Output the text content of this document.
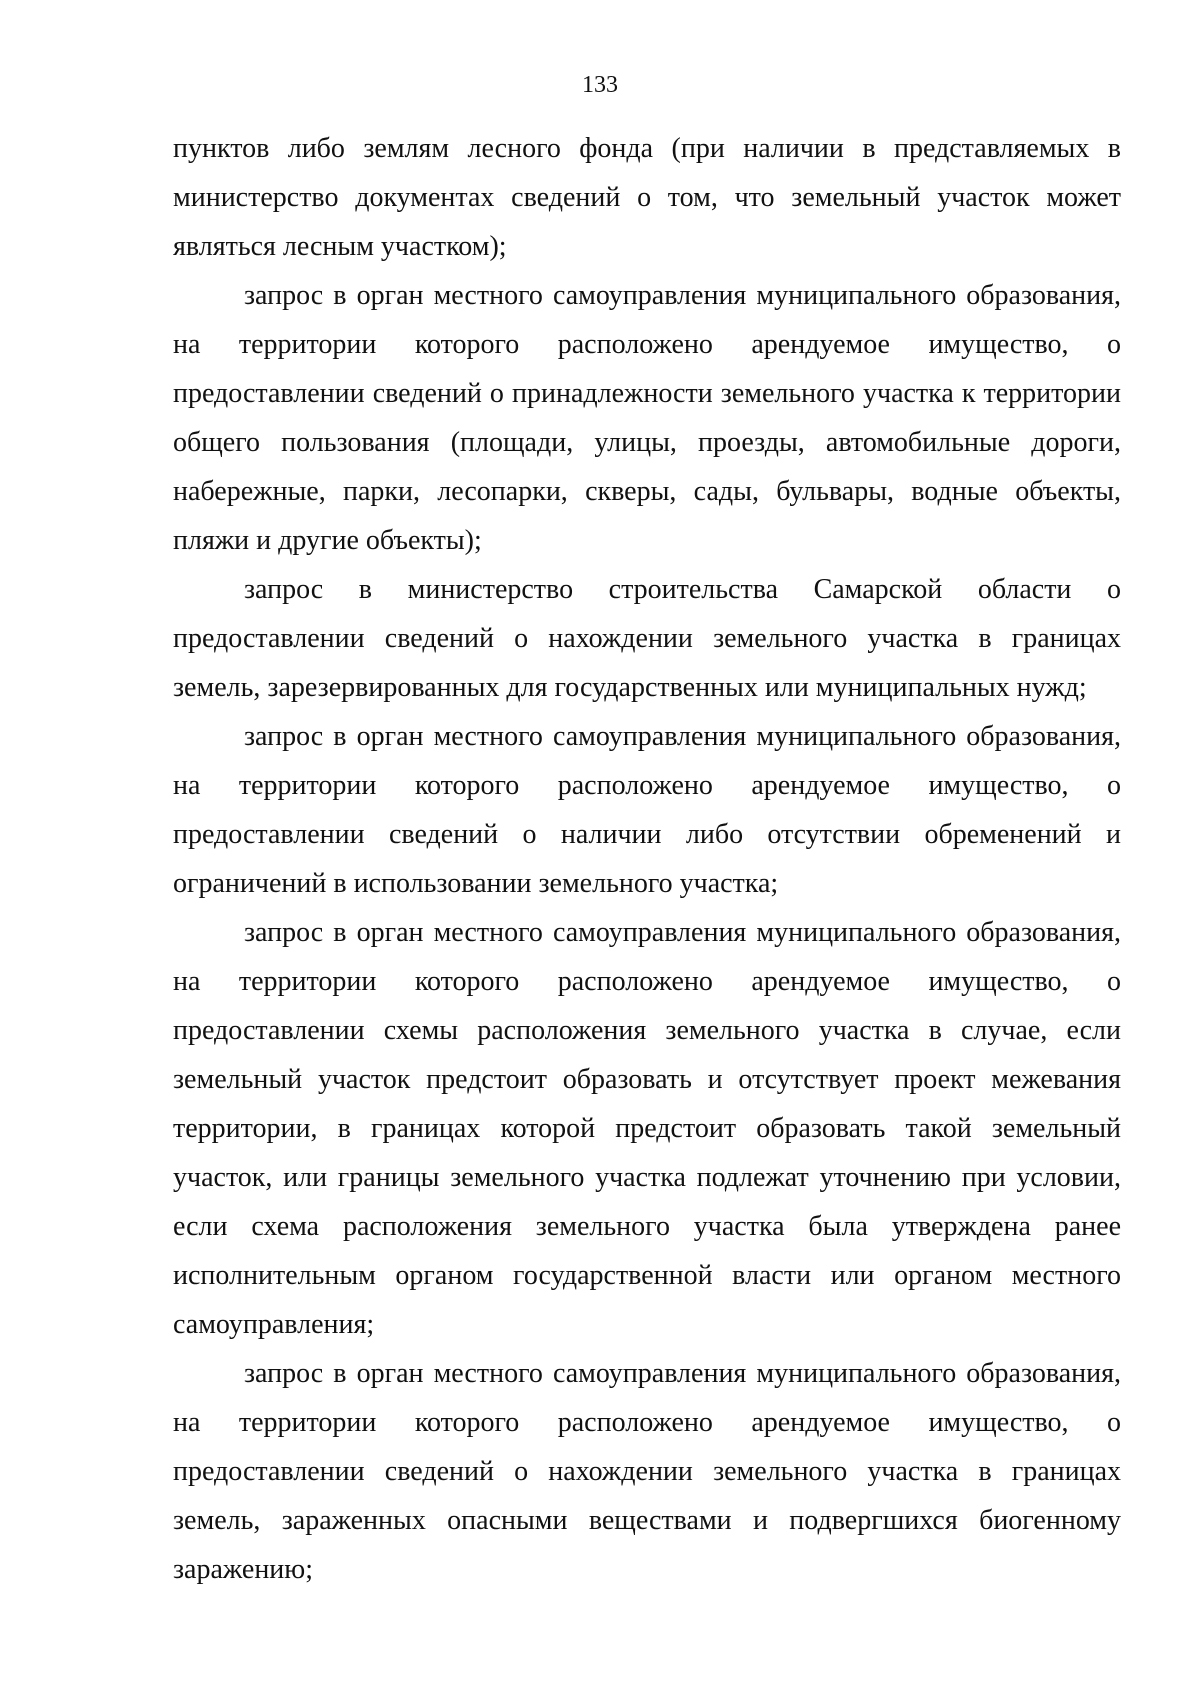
133

пунктов либо землям лесного фонда (при наличии в представляемых в министерство документах сведений о том, что земельный участок может являться лесным участком);

запрос в орган местного самоуправления муниципального образования, на территории которого расположено арендуемое имущество, о предоставлении сведений о принадлежности земельного участка к территории общего пользования (площади, улицы, проезды, автомобильные дороги, набережные, парки, лесопарки, скверы, сады, бульвары, водные объекты, пляжи и другие объекты);

запрос в министерство строительства Самарской области о предоставлении сведений о нахождении земельного участка в границах земель, зарезервированных для государственных или муниципальных нужд;

запрос в орган местного самоуправления муниципального образования, на территории которого расположено арендуемое имущество, о предоставлении сведений о наличии либо отсутствии обременений и ограничений в использовании земельного участка;

запрос в орган местного самоуправления муниципального образования, на территории которого расположено арендуемое имущество, о предоставлении схемы расположения земельного участка в случае, если земельный участок предстоит образовать и отсутствует проект межевания территории, в границах которой предстоит образовать такой земельный участок, или границы земельного участка подлежат уточнению при условии, если схема расположения земельного участка была утверждена ранее исполнительным органом государственной власти или органом местного самоуправления;

запрос в орган местного самоуправления муниципального образования, на территории которого расположено арендуемое имущество, о предоставлении сведений о нахождении земельного участка в границах земель, зараженных опасными веществами и подвергшихся биогенному заражению;
